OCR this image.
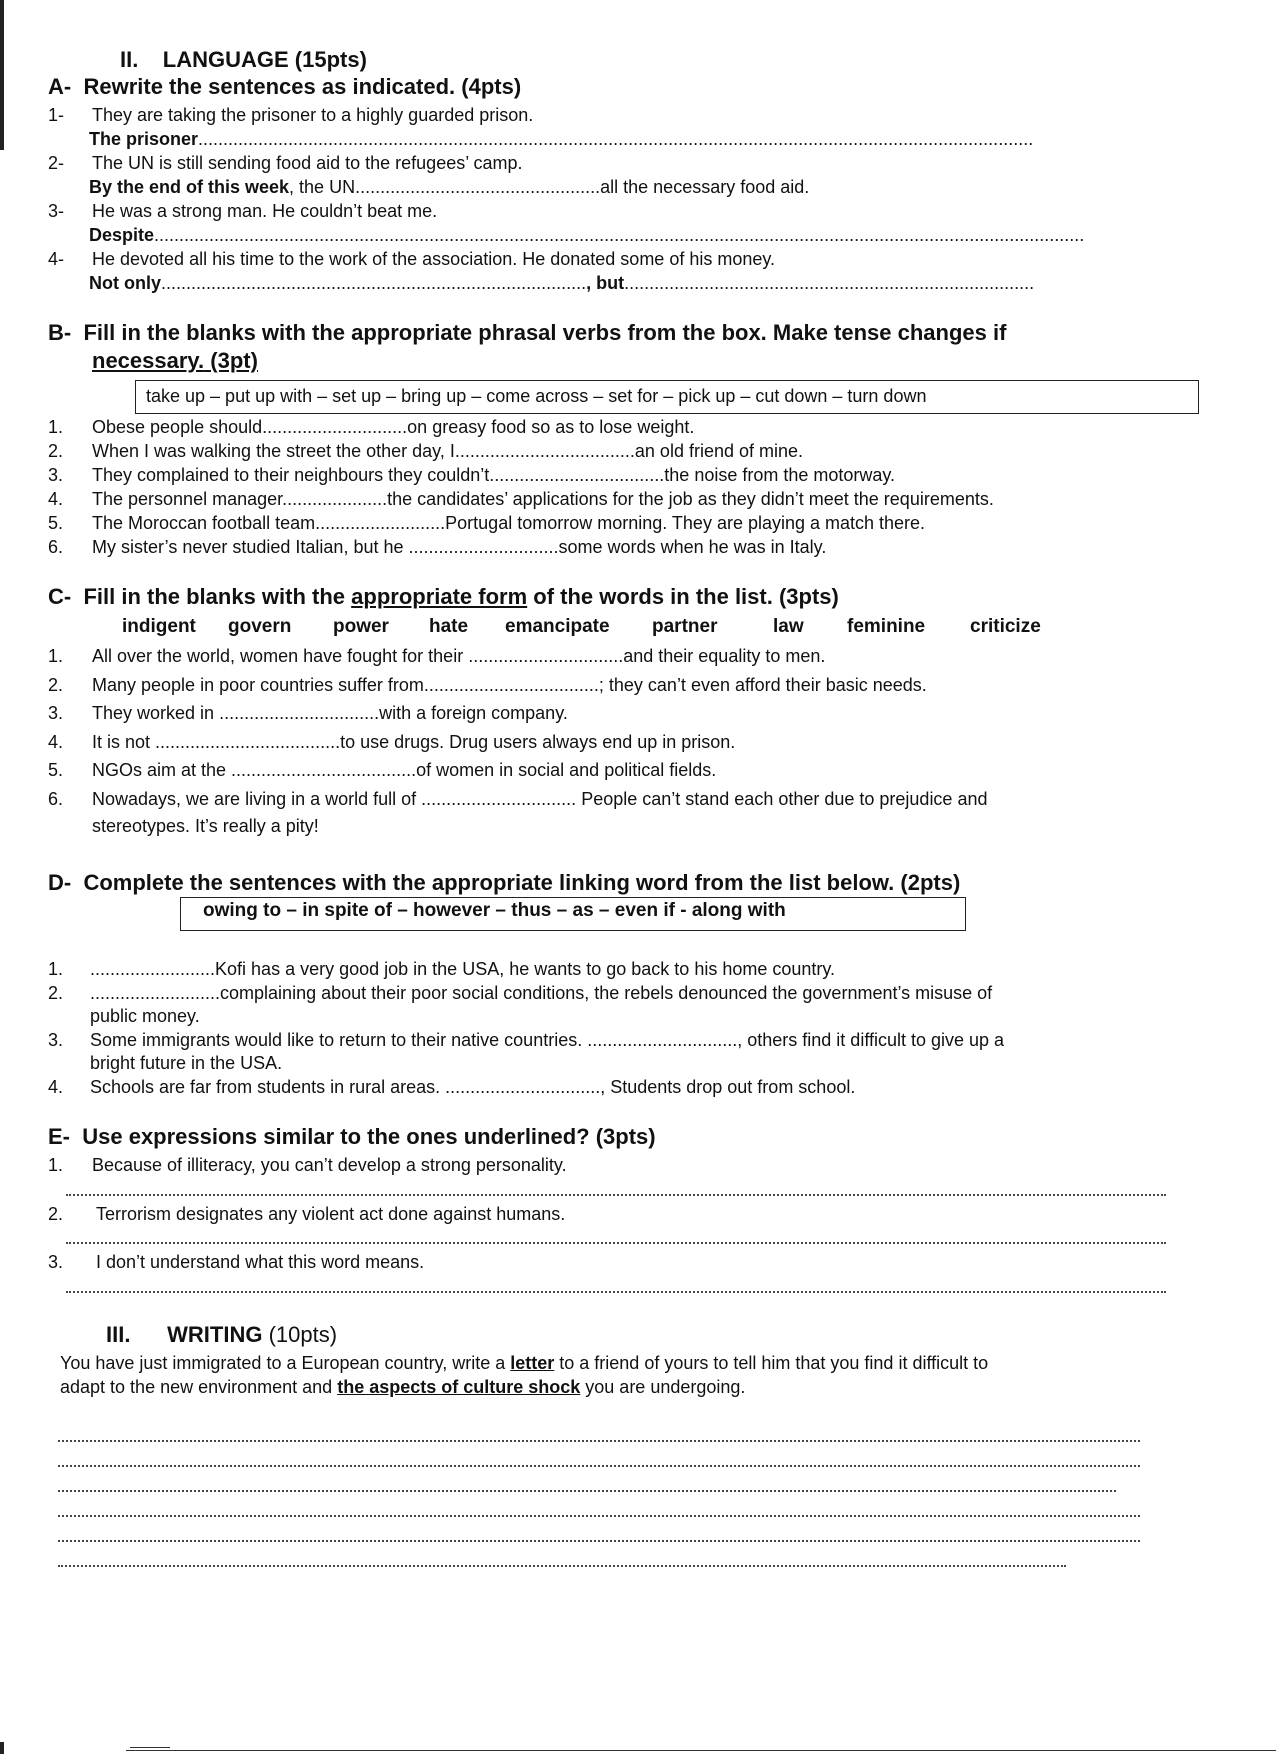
II. LANGUAGE (15pts)
A- Rewrite the sentences as indicated. (4pts)
1- They are taking the prisoner to a highly guarded prison.
The prisoner.......................................................................................................................................................................
2- The UN is still sending food aid to the refugees’ camp.
By the end of this week, the UN.................................................all the necessary food aid.
3- He was a strong man. He couldn’t beat me.
Despite..........................................................................................................................................................................................
4- He devoted all his time to the work of the association. He donated some of his money.
Not only....................................................................................., but..................................................................................
B- Fill in the blanks with the appropriate phrasal verbs from the box. Make tense changes if
necessary. (3pt)
take up – put up with – set up – bring up – come across – set for – pick up – cut down – turn down
1. Obese people should.............................on greasy food so as to lose weight.
2. When I was walking the street the other day, I....................................an old friend of mine.
3. They complained to their neighbours they couldn’t...................................the noise from the motorway.
4. The personnel manager.....................the candidates’ applications for the job as they didn’t meet the requirements.
5. The Moroccan football team..........................Portugal tomorrow morning. They are playing a match there.
6. My sister’s never studied Italian, but he ..............................some words when he was in Italy.
C- Fill in the blanks with the appropriate form of the words in the list. (3pts)
indigent govern power hate emancipate partner	law feminine criticize
1. All over the world, women have fought for their ...............................and their equality to men.
2. Many people in poor countries suffer from...................................; they can’t even afford their basic needs.
3. They worked in ................................with a foreign company.
4. It is not .....................................to use drugs. Drug users always end up in prison.
5. NGOs aim at the .....................................of women in social and political fields.
6. Nowadays, we are living in a world full of ............................... People can’t stand each other due to prejudice and
stereotypes. It’s really a pity!
D- Complete the sentences with the appropriate linking word from the list below. (2pts)
owing to – in spite of – however – thus – as – even if - along with
1. .........................Kofi has a very good job in the USA, he wants to go back to his home country.
2. ..........................complaining about their poor social conditions, the rebels denounced the government’s misuse of
public money.
3. Some immigrants would like to return to their native countries. .............................., others find it difficult to give up a
bright future in the USA.
4. Schools are far from students in rural areas. ..............................., Students drop out from school.
E- Use expressions similar to the ones underlined? (3pts)
1. Because of illiteracy, you can’t develop a strong personality.
2. Terrorism designates any violent act done against humans.
3. I don’t understand what this word means.
III. WRITING (10pts)
You have just immigrated to a European country, write a letter to a friend of yours to tell him that you find it difficult to
adapt to the new environment and the aspects of culture shock you are undergoing.
